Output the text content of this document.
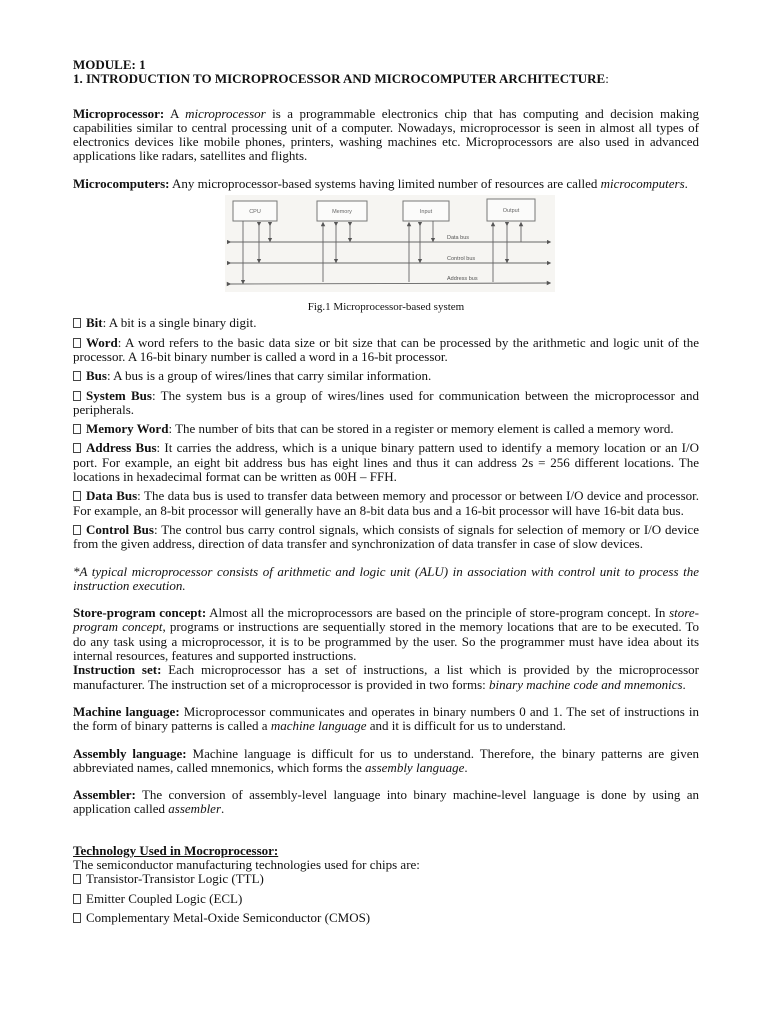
MODULE: 1

1. INTRODUCTION TO MICROPROCESSOR AND MICROCOMPUTER ARCHITECTURE:

Microprocessor: A microprocessor is a programmable electronics chip that has computing and decision making capabilities similar to central processing unit of a computer. Nowadays, microprocessor is seen in almost all types of electronics devices like mobile phones, printers, washing machines etc. Microprocessors are also used in advanced applications like radars, satellites and flights.

Microcomputers: Any microprocessor-based systems having limited number of resources are called microcomputers.

CPU	Memory	Input	Output
Data bus
Control bus
Address bus

Fig.1 Microprocessor-based system

Bit: A bit is a single binary digit.

Word: A word refers to the basic data size or bit size that can be processed by the arithmetic and logic unit of the processor. A 16-bit binary number is called a word in a 16-bit processor.

Bus: A bus is a group of wires/lines that carry similar information.

System Bus: The system bus is a group of wires/lines used for communication between the microprocessor and peripherals.

Memory Word: The number of bits that can be stored in a register or memory element is called a memory word.

Address Bus: It carries the address, which is a unique binary pattern used to identify a memory location or an I/O port. For example, an eight bit address bus has eight lines and thus it can address 2s = 256 different locations. The locations in hexadecimal format can be written as 00H – FFH.

Data Bus: The data bus is used to transfer data between memory and processor or between I/O device and processor. For example, an 8-bit processor will generally have an 8-bit data bus and a 16-bit processor will have 16-bit data bus.

Control Bus: The control bus carry control signals, which consists of signals for selection of memory or I/O device from the given address, direction of data transfer and synchronization of data transfer in case of slow devices.

*A typical microprocessor consists of arithmetic and logic unit (ALU) in association with control unit to process the instruction execution.

Store-program concept: Almost all the microprocessors are based on the principle of store-program concept. In store-program concept, programs or instructions are sequentially stored in the memory locations that are to be executed. To do any task using a microprocessor, it is to be programmed by the user. So the programmer must have idea about its internal resources, features and supported instructions.

Instruction set: Each microprocessor has a set of instructions, a list which is provided by the microprocessor manufacturer. The instruction set of a microprocessor is provided in two forms: binary machine code and mnemonics.

Machine language: Microprocessor communicates and operates in binary numbers 0 and 1. The set of instructions in the form of binary patterns is called a machine language and it is difficult for us to understand.

Assembly language: Machine language is difficult for us to understand. Therefore, the binary patterns are given abbreviated names, called mnemonics, which forms the assembly language.

Assembler: The conversion of assembly-level language into binary machine-level language is done by using an application called assembler.

Technology Used in Mocroprocessor:

The semiconductor manufacturing technologies used for chips are:

Transistor-Transistor Logic (TTL)

Emitter Coupled Logic (ECL)

Complementary Metal-Oxide Semiconductor (CMOS)
